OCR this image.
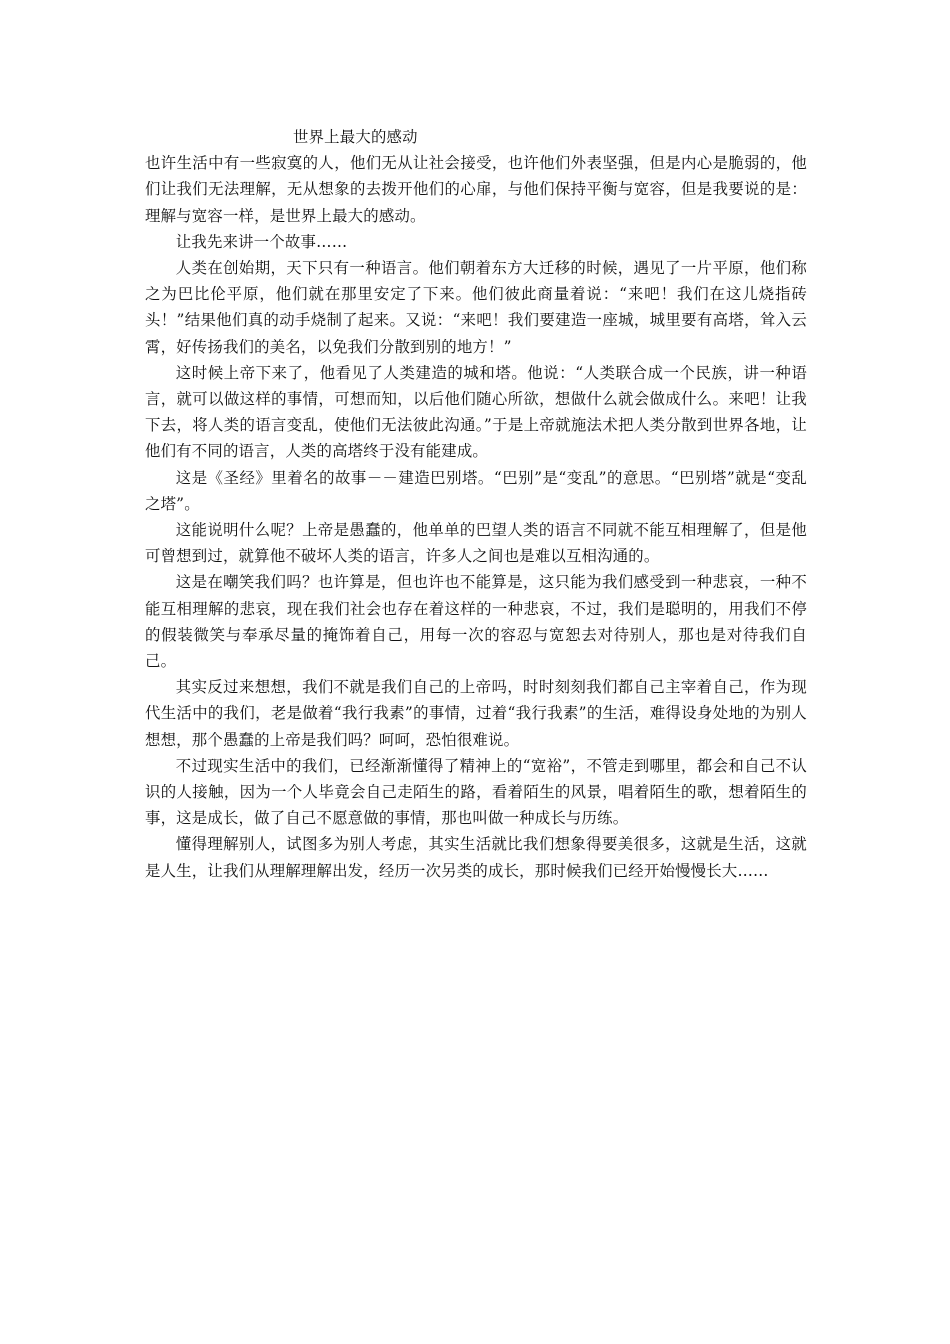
世界上最大的感动

也许生活中有一些寂寞的人，他们无从让社会接受，也许他们外表坚强，但是内心是脆弱的，他们让我们无法理解，无从想象的去拨开他们的心扉，与他们保持平衡与宽容，但是我要说的是：理解与宽容一样，是世界上最大的感动。

让我先来讲一个故事……

人类在创始期，天下只有一种语言。他们朝着东方大迁移的时候，遇见了一片平原，他们称之为巴比伦平原，他们就在那里安定了下来。他们彼此商量着说：“来吧！我们在这儿烧指砖头！”结果他们真的动手烧制了起来。又说：“来吧！我们要建造一座城，城里要有高塔，耸入云霄，好传扬我们的美名，以免我们分散到别的地方！”

这时候上帝下来了，他看见了人类建造的城和塔。他说：“人类联合成一个民族，讲一种语言，就可以做这样的事情，可想而知，以后他们随心所欲，想做什么就会做成什么。来吧！让我下去，将人类的语言变乱，使他们无法彼此沟通。”于是上帝就施法术把人类分散到世界各地，让他们有不同的语言，人类的高塔终于没有能建成。

这是《圣经》里着名的故事－－建造巴别塔。“巴别”是“变乱”的意思。“巴别塔”就是“变乱之塔”。

这能说明什么呢？上帝是愚蠢的，他单单的巴望人类的语言不同就不能互相理解了，但是他可曾想到过，就算他不破坏人类的语言，许多人之间也是难以互相沟通的。

这是在嘲笑我们吗？也许算是，但也许也不能算是，这只能为我们感受到一种悲哀，一种不能互相理解的悲哀，现在我们社会也存在着这样的一种悲哀，不过，我们是聪明的，用我们不停的假装微笑与奉承尽量的掩饰着自己，用每一次的容忍与宽恕去对待别人，那也是对待我们自己。

其实反过来想想，我们不就是我们自己的上帝吗，时时刻刻我们都自己主宰着自己，作为现代生活中的我们，老是做着“我行我素”的事情，过着“我行我素”的生活，难得设身处地的为别人想想，那个愚蠢的上帝是我们吗？呵呵，恐怕很难说。

不过现实生活中的我们，已经渐渐懂得了精神上的“宽裕”，不管走到哪里，都会和自己不认识的人接触，因为一个人毕竟会自己走陌生的路，看着陌生的风景，唱着陌生的歌，想着陌生的事，这是成长，做了自己不愿意做的事情，那也叫做一种成长与历练。

懂得理解别人，试图多为别人考虑，其实生活就比我们想象得要美很多，这就是生活，这就是人生，让我们从理解理解出发，经历一次另类的成长，那时候我们已经开始慢慢长大……
